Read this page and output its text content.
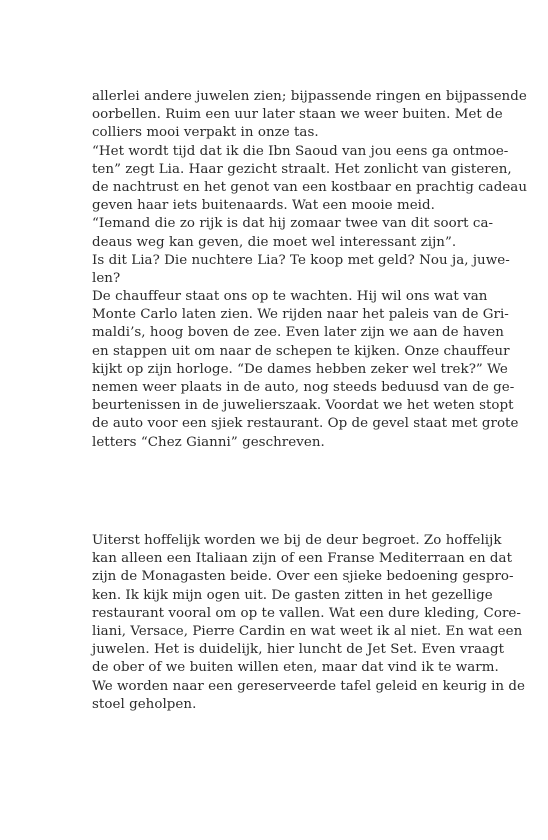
allerlei andere juwelen zien; bijpassende ringen en bijpassende
oorbellen. Ruim een uur later staan we weer buiten. Met de
colliers mooi verpakt in onze tas.
“Het wordt tijd dat ik die Ibn Saoud van jou eens ga ontmoe-
ten” zegt Lia. Haar gezicht straalt. Het zonlicht van gisteren,
de nachtrust en het genot van een kostbaar en prachtig cadeau
geven haar iets buitenaards. Wat een mooie meid.
“Iemand die zo rijk is dat hij zomaar twee van dit soort ca-
deaus weg kan geven, die moet wel interessant zijn”.
Is dit Lia? Die nuchtere Lia? Te koop met geld? Nou ja, juwe-
len?
De chauffeur staat ons op te wachten. Hij wil ons wat van
Monte Carlo laten zien. We rijden naar het paleis van de Gri-
maldi’s, hoog boven de zee. Even later zijn we aan de haven
en stappen uit om naar de schepen te kijken. Onze chauffeur
kijkt op zijn horloge. “De dames hebben zeker wel trek?” We
nemen weer plaats in de auto, nog steeds beduusd van de ge-
beurtenissen in de juwelierszaak. Voordat we het weten stopt
de auto voor een sjiek restaurant. Op de gevel staat met grote
letters “Chez Gianni” geschreven.
Uiterst hoffelijk worden we bij de deur begroet. Zo hoffelijk
kan alleen een Italiaan zijn of een Franse Mediterraan en dat
zijn de Monagasten beide. Over een sjieke bedoening gespro-
ken. Ik kijk mijn ogen uit. De gasten zitten in het gezellige
restaurant vooral om op te vallen. Wat een dure kleding, Core-
liani, Versace, Pierre Cardin en wat weet ik al niet. En wat een
juwelen. Het is duidelijk, hier luncht de Jet Set. Even vraagt
de ober of we buiten willen eten, maar dat vind ik te warm.
We worden naar een gereserveerde tafel geleid en keurig in de
stoel geholpen.
